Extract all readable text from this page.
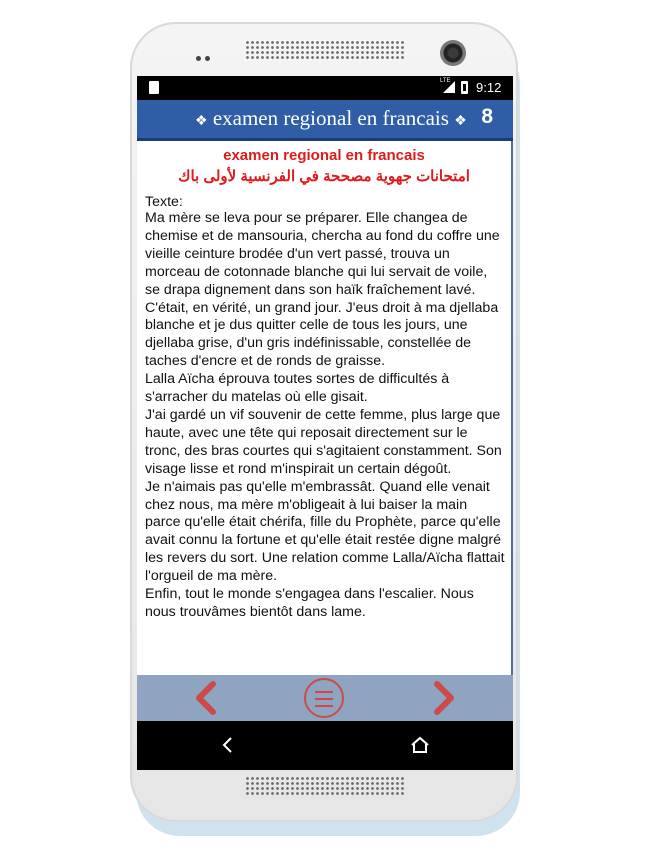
LTE 9:12
❖ examen regional en francais ❖ 8
examen regional en francais
امتحانات جهوية مصححة في الفرنسية لأولى باك
Texte:
Ma mère se leva pour se préparer. Elle changea de chemise et de mansouria, chercha au fond du coffre une vieille ceinture brodée d'un vert passé, trouva un morceau de cotonnade blanche qui lui servait de voile, se drapa dignement dans son haïk fraîchement lavé.
C'était, en vérité, un grand jour. J'eus droit à ma djellaba blanche et je dus quitter celle de tous les jours, une djellaba grise, d'un gris indéfinissable, constellée de taches d'encre et de ronds de graisse.
Lalla Aïcha éprouva toutes sortes de difficultés à s'arracher du matelas où elle gisait.
J'ai gardé un vif souvenir de cette femme, plus large que haute, avec une tête qui reposait directement sur le tronc, des bras courtes qui s'agitaient constamment. Son visage lisse et rond m'inspirait un certain dégoût.
Je n'aimais pas qu'elle m'embrassât. Quand elle venait chez nous, ma mère m'obligeait à lui baiser la main parce qu'elle était chérifa, fille du Prophète, parce qu'elle avait connu la fortune et qu'elle était restée digne malgré les revers du sort. Une relation comme Lalla/Aïcha flattait l'orgueil de ma mère.
Enfin, tout le monde s'engagea dans l'escalier. Nous nous trouvâmes bientôt dans lame.
